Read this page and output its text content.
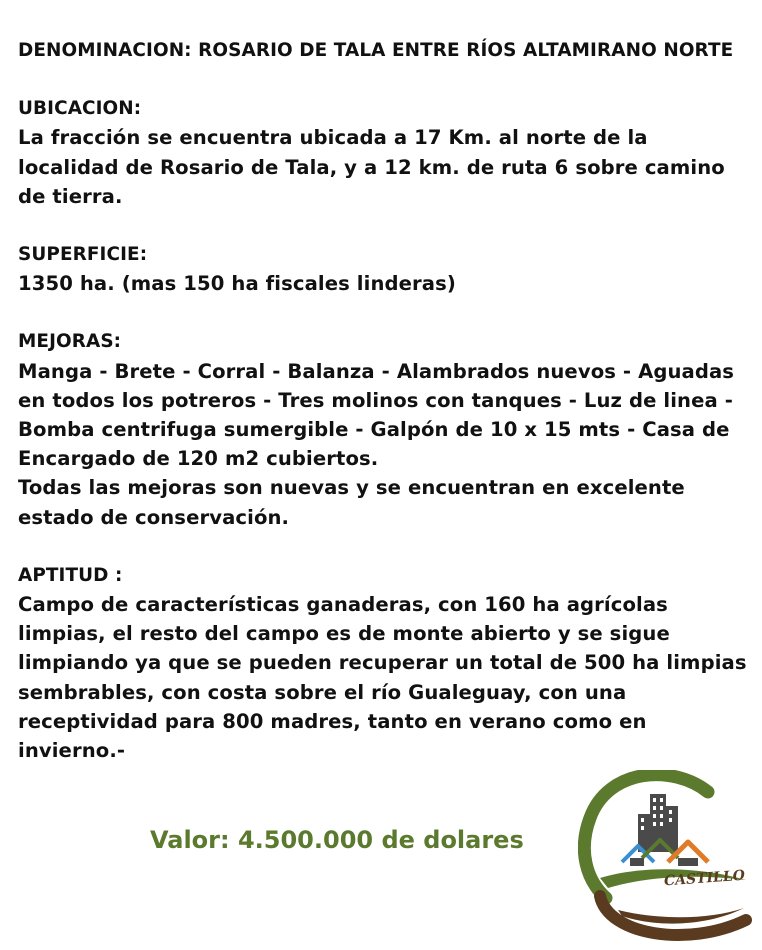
DENOMINACION: ROSARIO DE TALA ENTRE RÍOS ALTAMIRANO NORTE

UBICACION:

La fracción se encuentra ubicada a 17 Km. al norte de la localidad de Rosario de Tala, y a 12 km. de ruta 6 sobre camino de tierra.

SUPERFICIE:

1350 ha. (mas 150 ha fiscales linderas)

MEJORAS:

Manga - Brete - Corral - Balanza - Alambrados nuevos - Aguadas en todos los potreros - Tres molinos con tanques - Luz de linea - Bomba centrifuga sumergible - Galpón de 10 x 15 mts - Casa de Encargado de 120 m2 cubiertos.

Todas las mejoras son nuevas y se encuentran en excelente estado de conservación.

APTITUD :

Campo de características ganaderas, con 160 ha agrícolas limpias, el resto del campo es de monte abierto y se sigue limpiando ya que se pueden recuperar un total de 500 ha limpias sembrables, con costa sobre el río Gualeguay, con una receptividad para 800 madres, tanto en verano como en invierno.-

Valor: 4.500.000 de dolares
CASTILLO
